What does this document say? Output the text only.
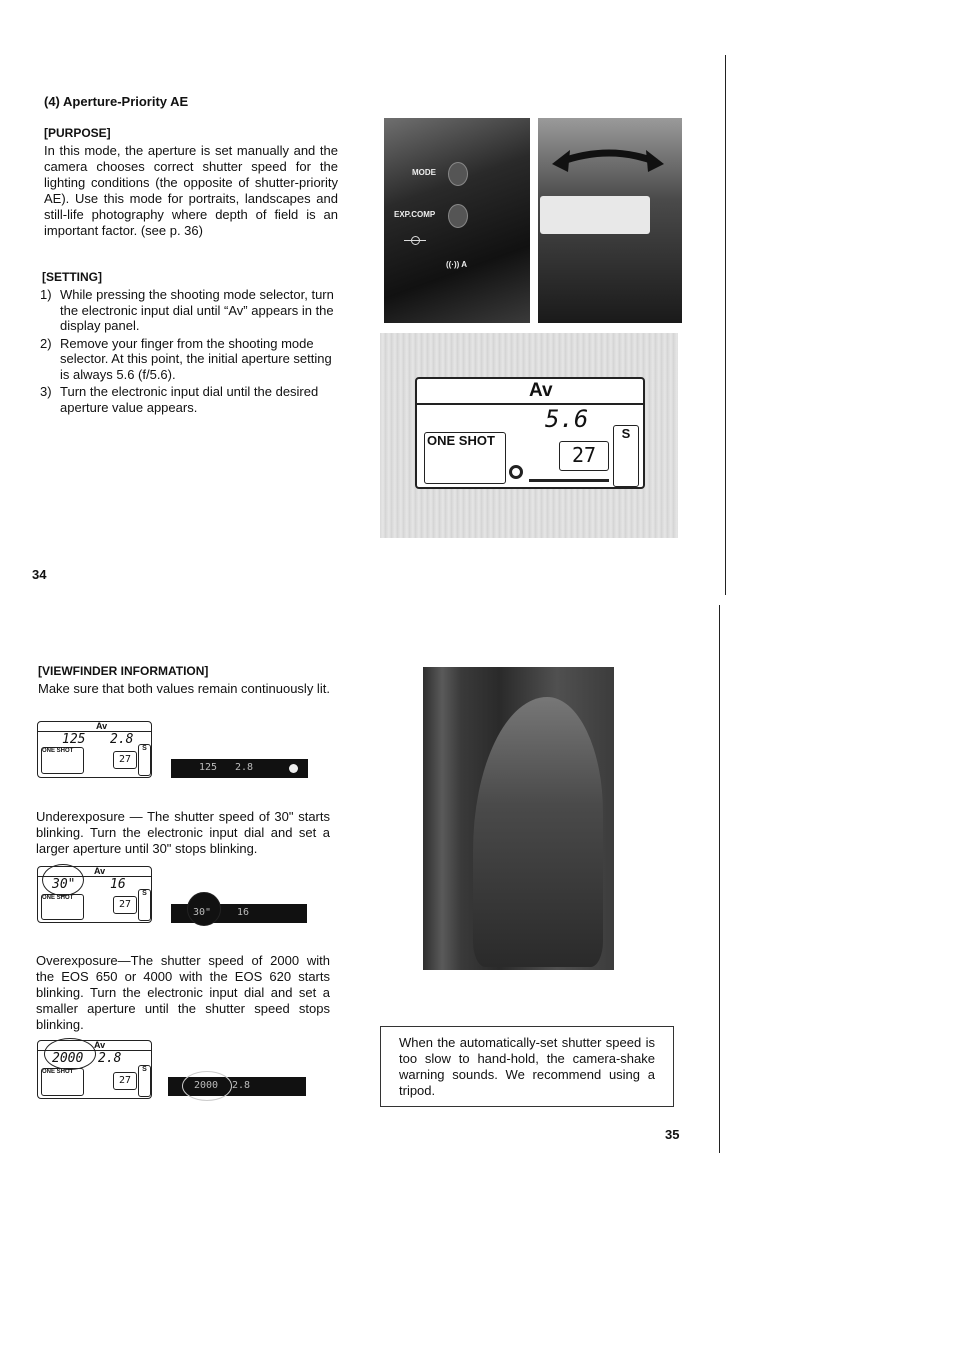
(4) Aperture-Priority AE
[PURPOSE]
In this mode, the aperture is set manually and the camera chooses correct shutter speed for the lighting conditions (the opposite of shutter-priority AE). Use this mode for portraits, landscapes and still-life photography where depth of field is an important factor. (see p. 36)
[SETTING]
1) While pressing the shooting mode selector, turn the electronic input dial until “Av” appears in the display panel.
2) Remove your finger from the shooting mode selector. At this point, the initial aperture setting is always 5.6 (f/5.6).
3) Turn the electronic input dial until the desired aperture value appears.
MODE
EXP.COMP
((·)) A
Av
5.6
ONE SHOT
27
S
34
[VIEWFINDER INFORMATION]
Make sure that both values remain continuously lit.
Av
125 2.8
ONE SHOT
27
S
125 2.8
Underexposure — The shutter speed of 30" starts blinking. Turn the electronic input dial and set a larger aperture until 30" stops blinking.
Av
30"	16
ONE SHOT
27
S
30"	16
Overexposure—The shutter speed of 2000 with the EOS 650 or 4000 with the EOS 620 starts blinking. Turn the electronic input dial and set a smaller aperture until the shutter speed stops blinking.
Av
2000 2.8
ONE SHOT
27
S
2000 2.8
When the automatically-set shutter speed is too slow to hand-hold, the camera-shake warning sounds. We recommend using a tripod.
35
